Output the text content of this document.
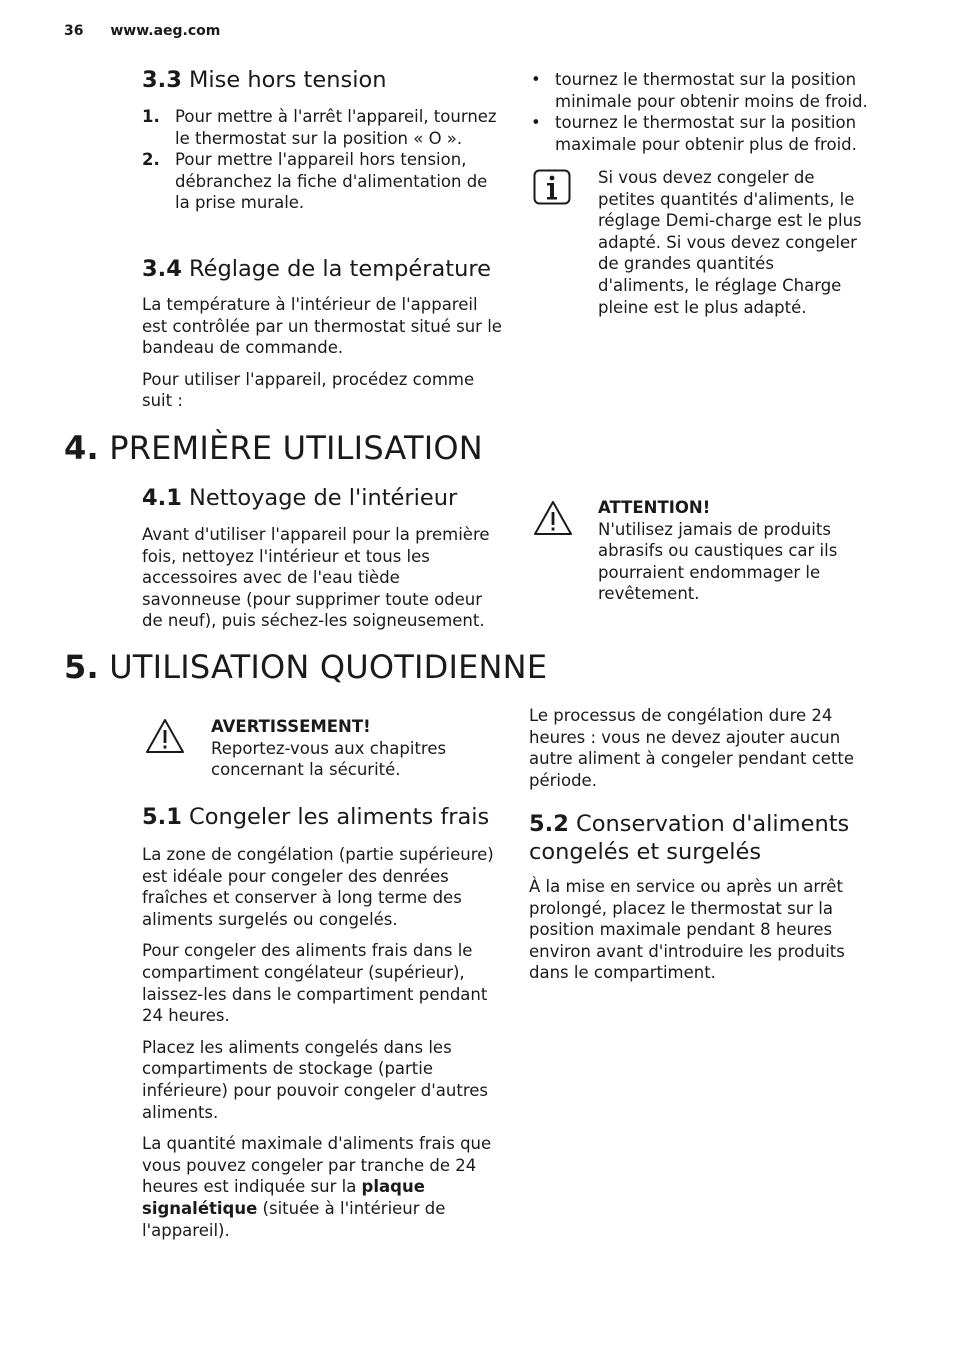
36 www.aeg.com
3.3 Mise hors tension
1. Pour mettre à l'arrêt l'appareil, tournez le thermostat sur la position « O ».
2. Pour mettre l'appareil hors tension, débranchez la fiche d'alimentation de la prise murale.
3.4 Réglage de la température

La température à l'intérieur de l'appareil est contrôlée par un thermostat situé sur le bandeau de commande.

Pour utiliser l'appareil, procédez comme suit :

• tournez le thermostat sur la position minimale pour obtenir moins de froid.
• tournez le thermostat sur la position maximale pour obtenir plus de froid.
Si vous devez congeler de petites quantités d'aliments, le réglage Demi-charge est le plus adapté. Si vous devez congeler de grandes quantités d'aliments, le réglage Charge pleine est le plus adapté.
4. PREMIÈRE UTILISATION
4.1 Nettoyage de l'intérieur

Avant d'utiliser l'appareil pour la première fois, nettoyez l'intérieur et tous les accessoires avec de l'eau tiède savonneuse (pour supprimer toute odeur de neuf), puis séchez-les soigneusement.

ATTENTION!
N'utilisez jamais de produits abrasifs ou caustiques car ils pourraient endommager le revêtement.
5. UTILISATION QUOTIDIENNE
AVERTISSEMENT!
Reportez-vous aux chapitres concernant la sécurité.
5.1 Congeler les aliments frais

La zone de congélation (partie supérieure) est idéale pour congeler des denrées fraîches et conserver à long terme des aliments surgelés ou congelés.

Pour congeler des aliments frais dans le compartiment congélateur (supérieur), laissez-les dans le compartiment pendant 24 heures.

Placez les aliments congelés dans les compartiments de stockage (partie inférieure) pour pouvoir congeler d'autres aliments.

La quantité maximale d'aliments frais que vous pouvez congeler par tranche de 24 heures est indiquée sur la plaque signalétique (située à l'intérieur de l'appareil).

Le processus de congélation dure 24 heures : vous ne devez ajouter aucun autre aliment à congeler pendant cette période.

5.2 Conservation d'aliments congelés et surgelés

À la mise en service ou après un arrêt prolongé, placez le thermostat sur la position maximale pendant 8 heures environ avant d'introduire les produits dans le compartiment.
